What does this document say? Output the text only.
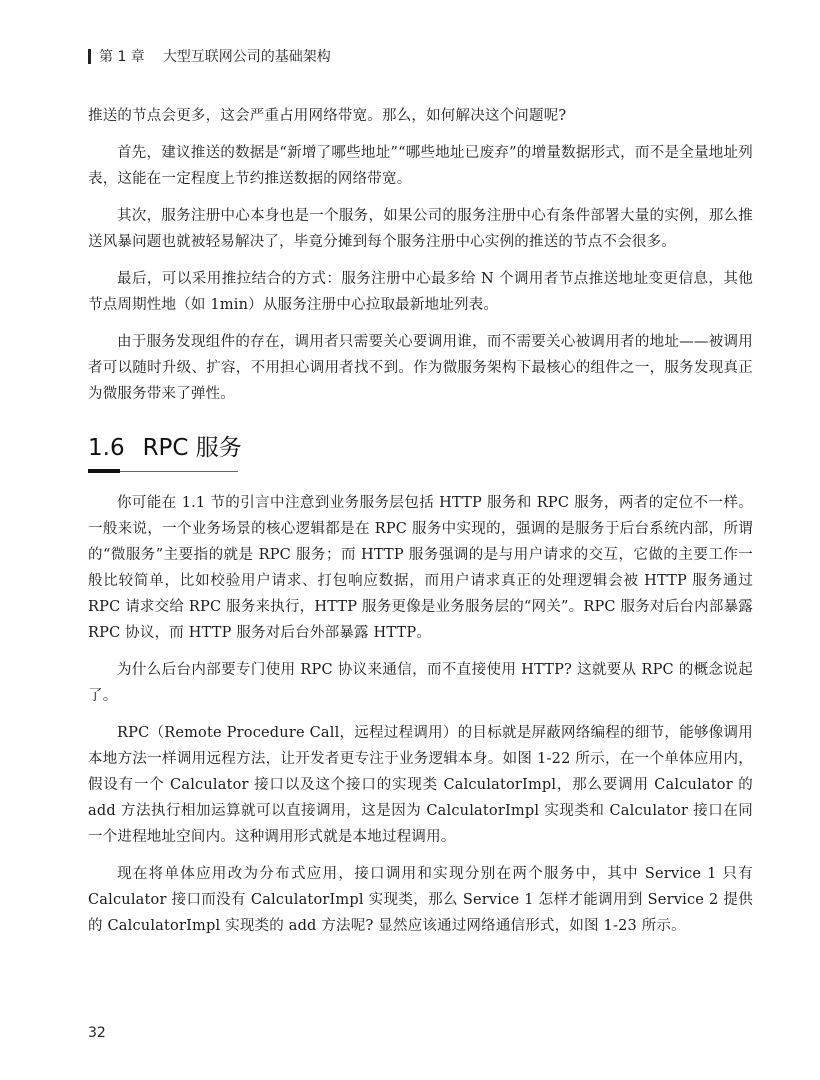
第 1 章 大型互联网公司的基础架构

推送的节点会更多，这会严重占用网络带宽。那么，如何解决这个问题呢?

首先，建议推送的数据是“新增了哪些地址”“哪些地址已废弃”的增量数据形式，而不是全量地址列表，这能在一定程度上节约推送数据的网络带宽。

其次，服务注册中心本身也是一个服务，如果公司的服务注册中心有条件部署大量的实例，那么推送风暴问题也就被轻易解决了，毕竟分摊到每个服务注册中心实例的推送的节点不会很多。

最后，可以采用推拉结合的方式：服务注册中心最多给 N 个调用者节点推送地址变更信息，其他节点周期性地（如 1min）从服务注册中心拉取最新地址列表。

由于服务发现组件的存在，调用者只需要关心要调用谁，而不需要关心被调用者的地址——被调用者可以随时升级、扩容，不用担心调用者找不到。作为微服务架构下最核心的组件之一，服务发现真正为微服务带来了弹性。

1.6 RPC 服务

你可能在 1.1 节的引言中注意到业务服务层包括 HTTP 服务和 RPC 服务，两者的定位不一样。一般来说，一个业务场景的核心逻辑都是在 RPC 服务中实现的，强调的是服务于后台系统内部，所谓的“微服务”主要指的就是 RPC 服务；而 HTTP 服务强调的是与用户请求的交互，它做的主要工作一般比较简单，比如校验用户请求、打包响应数据，而用户请求真正的处理逻辑会被 HTTP 服务通过 RPC 请求交给 RPC 服务来执行，HTTP 服务更像是业务服务层的“网关”。RPC 服务对后台内部暴露 RPC 协议，而 HTTP 服务对后台外部暴露 HTTP。

为什么后台内部要专门使用 RPC 协议来通信，而不直接使用 HTTP? 这就要从 RPC 的概念说起了。

RPC（Remote Procedure Call，远程过程调用）的目标就是屏蔽网络编程的细节，能够像调用本地方法一样调用远程方法，让开发者更专注于业务逻辑本身。如图 1-22 所示，在一个单体应用内，假设有一个 Calculator 接口以及这个接口的实现类 CalculatorImpl，那么要调用 Calculator 的 add 方法执行相加运算就可以直接调用，这是因为 CalculatorImpl 实现类和 Calculator 接口在同一个进程地址空间内。这种调用形式就是本地过程调用。

现在将单体应用改为分布式应用，接口调用和实现分别在两个服务中，其中 Service 1 只有 Calculator 接口而没有 CalculatorImpl 实现类，那么 Service 1 怎样才能调用到 Service 2 提供的 CalculatorImpl 实现类的 add 方法呢? 显然应该通过网络通信形式，如图 1-23 所示。

32
